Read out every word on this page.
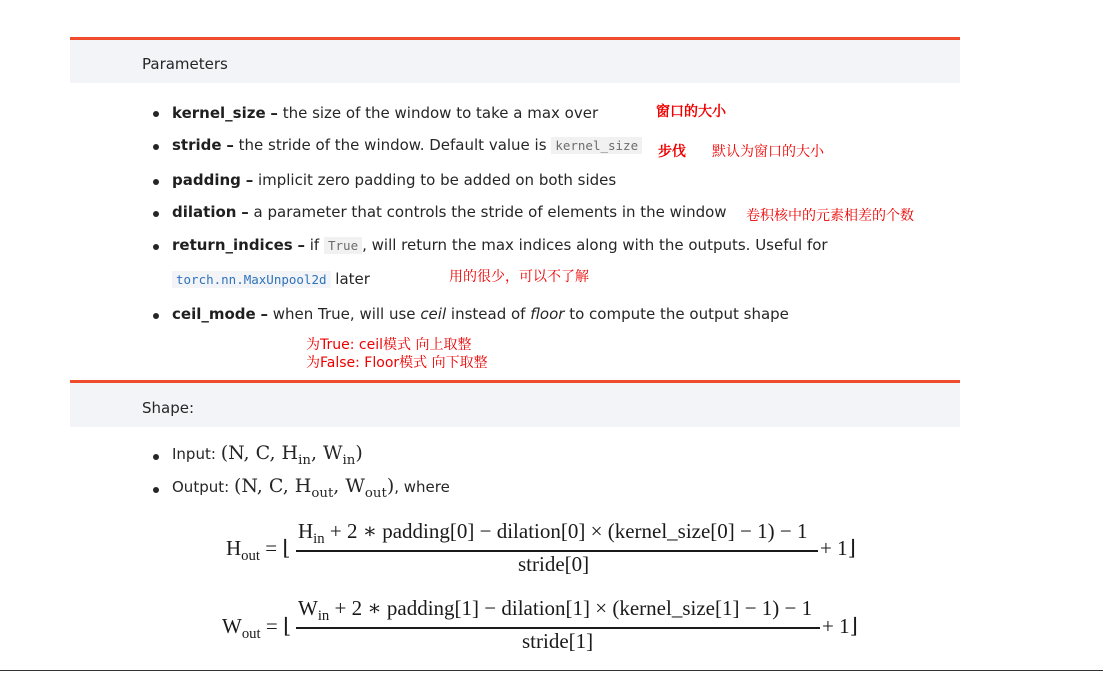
Parameters
kernel_size – the size of the window to take a max over	窗口的大小
stride – the stride of the window. Default value is kernel_size 步伐 默认为窗口的大小
padding – implicit zero padding to be added on both sides
dilation – a parameter that controls the stride of elements in the window 卷积核中的元素相差的个数
return_indices – if True , will return the max indices along with the outputs. Useful for
torch.nn.MaxUnpool2d later	用的很少，可以不了解
ceil_mode – when True, will use ceil instead of floor to compute the output shape
为True: ceil模式 向上取整
为False: Floor模式 向下取整
Shape:
Input: (N, C, $H_{in}$, $W_{in}$)
Output: (N, C, $H_{out}$, $W_{out}$), where
$H_{out}$ = ⌊
$H_{in} + 2$ ∗ padding[0] − dilation[0] × (kernel_size[0] − 1) − 1
stride[0]
+ 1⌋
$W_{out}$ = ⌊
$W_{in} + 2$ ∗ padding[1] − dilation[1] × (kernel_size[1] − 1) − 1
stride[1]
+ 1⌋
